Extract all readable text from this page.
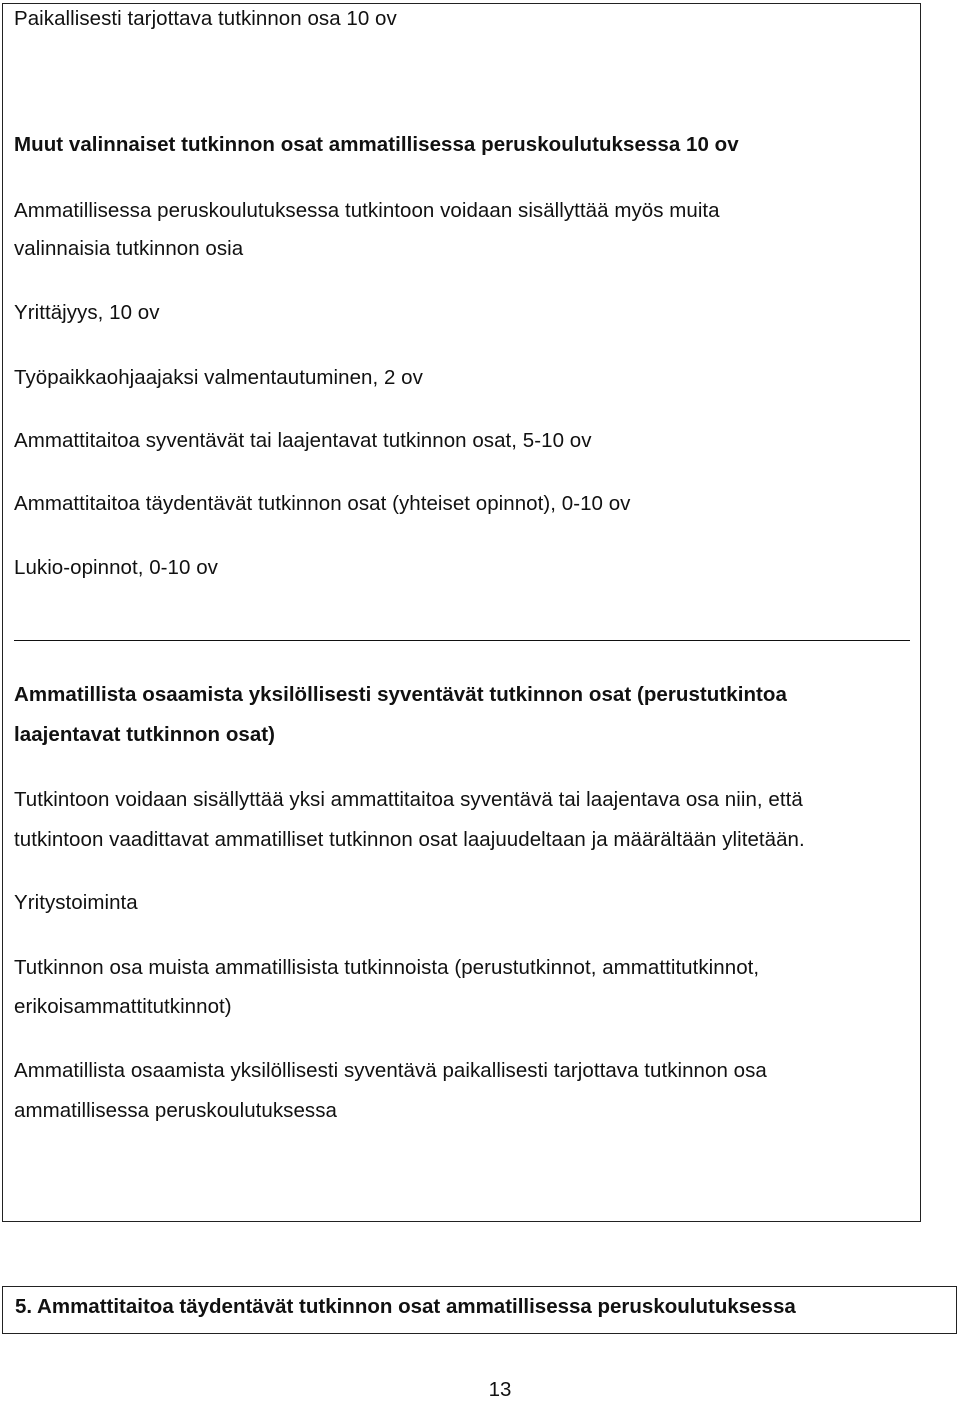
Paikallisesti tarjottava tutkinnon osa 10 ov
Muut valinnaiset tutkinnon osat ammatillisessa peruskoulutuksessa 10 ov
Ammatillisessa peruskoulutuksessa tutkintoon voidaan sisällyttää myös muita
valinnaisia tutkinnon osia
Yrittäjyys, 10 ov
Työpaikkaohjaajaksi valmentautuminen, 2 ov
Ammattitaitoa syventävät tai laajentavat tutkinnon osat, 5-10 ov
Ammattitaitoa täydentävät tutkinnon osat (yhteiset opinnot), 0-10 ov
Lukio-opinnot, 0-10 ov
Ammatillista osaamista yksilöllisesti syventävät tutkinnon osat (perustutkintoa
laajentavat tutkinnon osat)
Tutkintoon voidaan sisällyttää yksi ammattitaitoa syventävä tai laajentava osa niin, että
tutkintoon vaadittavat ammatilliset tutkinnon osat laajuudeltaan ja määrältään ylitetään.
Yritystoiminta
Tutkinnon osa muista ammatillisista tutkinnoista (perustutkinnot, ammattitutkinnot,
erikoisammattitutkinnot)
Ammatillista osaamista yksilöllisesti syventävä paikallisesti tarjottava tutkinnon osa
ammatillisessa peruskoulutuksessa
5. Ammattitaitoa täydentävät tutkinnon osat ammatillisessa peruskoulutuksessa
13
